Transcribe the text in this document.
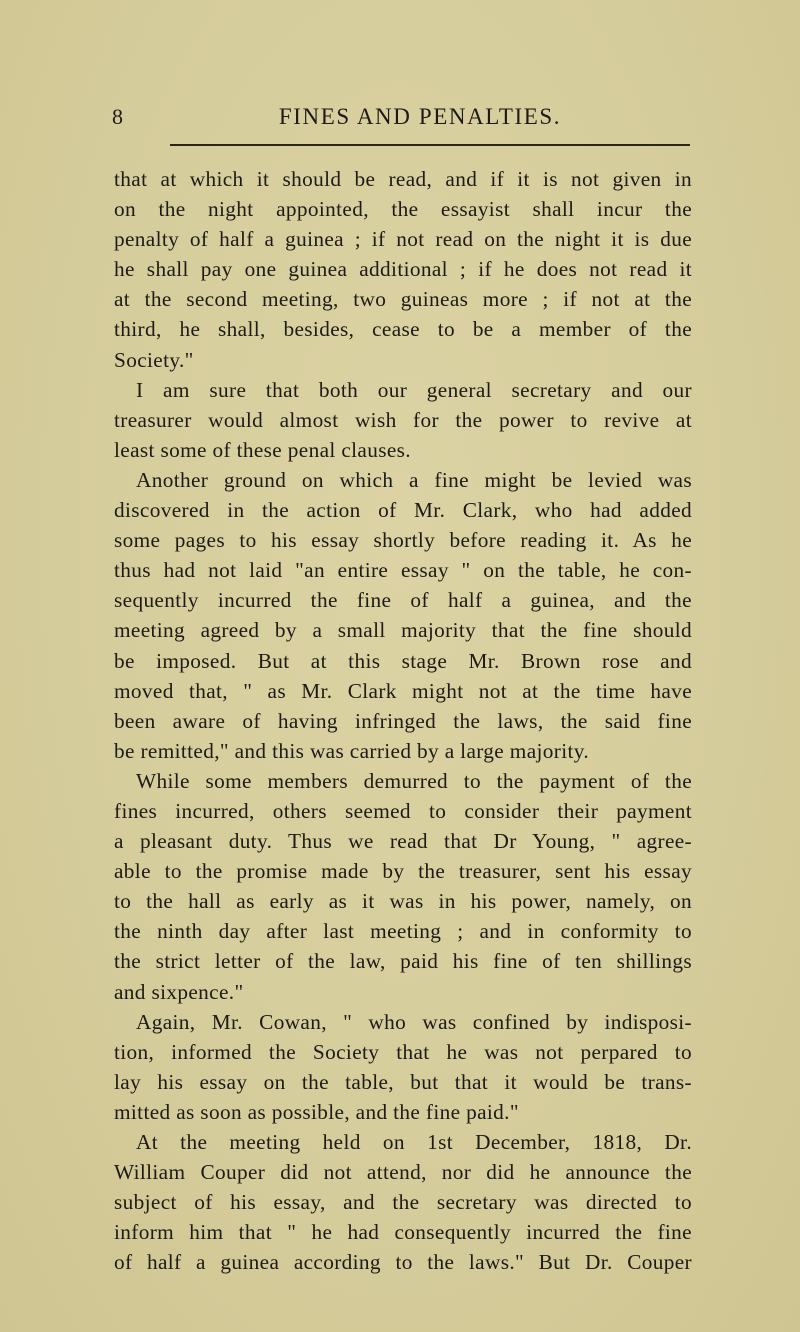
8	FINES AND PENALTIES.
that at which it should be read, and if it is not given in
on the night appointed, the essayist shall incur the
penalty of half a guinea ; if not read on the night it is due
he shall pay one guinea additional ; if he does not read it
at the second meeting, two guineas more ; if not at the
third, he shall, besides, cease to be a member of the
Society."
I am sure that both our general secretary and our
treasurer would almost wish for the power to revive at
least some of these penal clauses.
Another ground on which a fine might be levied was
discovered in the action of Mr. Clark, who had added
some pages to his essay shortly before reading it. As he
thus had not laid "an entire essay " on the table, he con-
sequently incurred the fine of half a guinea, and the
meeting agreed by a small majority that the fine should
be imposed. But at this stage Mr. Brown rose and
moved that, " as Mr. Clark might not at the time have
been aware of having infringed the laws, the said fine
be remitted," and this was carried by a large majority.
While some members demurred to the payment of the
fines incurred, others seemed to consider their payment
a pleasant duty. Thus we read that Dr Young, " agree-
able to the promise made by the treasurer, sent his essay
to the hall as early as it was in his power, namely, on
the ninth day after last meeting ; and in conformity to
the strict letter of the law, paid his fine of ten shillings
and sixpence."
Again, Mr. Cowan, " who was confined by indisposi-
tion, informed the Society that he was not perpared to
lay his essay on the table, but that it would be trans-
mitted as soon as possible, and the fine paid."
At the meeting held on 1st December, 1818, Dr.
William Couper did not attend, nor did he announce the
subject of his essay, and the secretary was directed to
inform him that " he had consequently incurred the fine
of half a guinea according to the laws." But Dr. Couper
